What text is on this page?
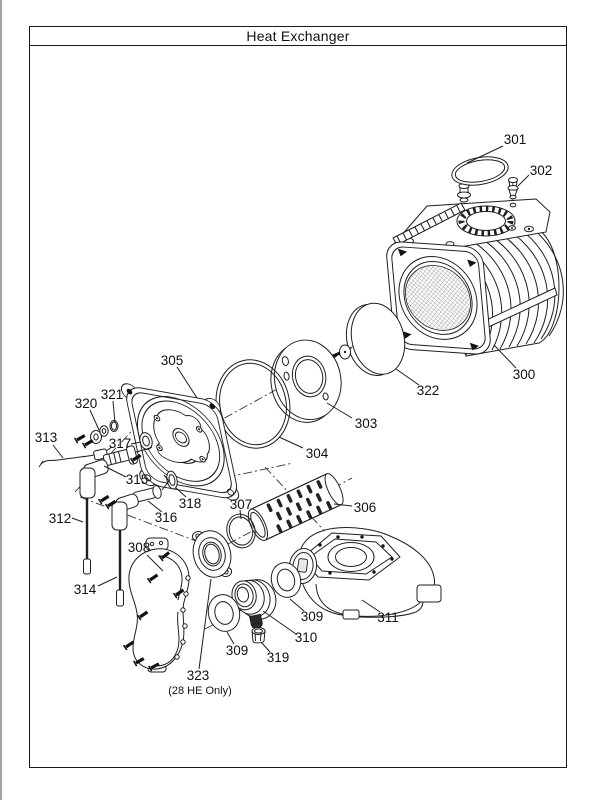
301
302
300
322
303
304
305
320
321
313	317
315
316
318
312
314
307	306
308
311
310
319
309
309
323
(28 HE Only)
Heat Exchanger
